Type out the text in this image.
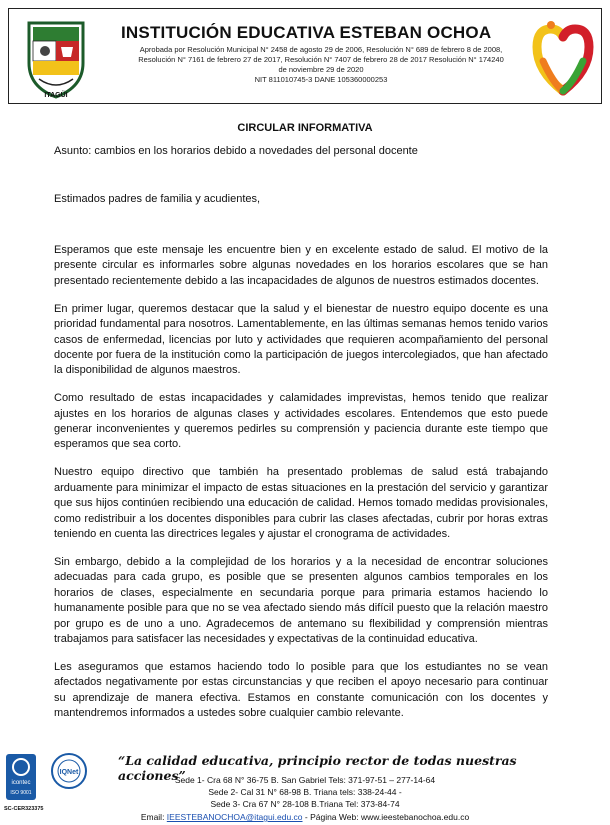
ITAGÜI
INSTITUCIÓN EDUCATIVA ESTEBAN OCHOA

Aprobada por Resolución Municipal N° 2458 de agosto 29 de 2006, Resolución N° 689 de febrero 8 de 2008,

Resolución N° 7161 de febrero 27 de 2017, Resolución N° 7407 de febrero 28 de 2017 Resolución N° 174240

de noviembre 29 de 2020

NIT 811010745-3 DANE 105360000253

CIRCULAR INFORMATIVA
Asunto: cambios en los horarios debido a novedades del personal docente
Estimados padres de familia y acudientes,

Esperamos que este mensaje les encuentre bien y en excelente estado de salud. El motivo de la presente circular es informarles sobre algunas novedades en los horarios escolares que se han presentado recientemente debido a las incapacidades de algunos de nuestros estimados docentes.

En primer lugar, queremos destacar que la salud y el bienestar de nuestro equipo docente es una prioridad fundamental para nosotros. Lamentablemente, en las últimas semanas hemos tenido varios casos de enfermedad, licencias por luto y actividades que requieren acompañamiento del personal docente por fuera de la institución como la participación de juegos intercolegiados, que han afectado la disponibilidad de algunos maestros.

Como resultado de estas incapacidades y calamidades imprevistas, hemos tenido que realizar ajustes en los horarios de algunas clases y actividades escolares. Entendemos que esto puede generar inconvenientes y queremos pedirles su comprensión y paciencia durante este tiempo que esperamos que sea corto.

Nuestro equipo directivo que también ha presentado problemas de salud está trabajando arduamente para minimizar el impacto de estas situaciones en la prestación del servicio y garantizar que sus hijos continúen recibiendo una educación de calidad. Hemos tomado medidas provisionales, como redistribuir a los docentes disponibles para cubrir las clases afectadas, cubrir por horas extras teniendo en cuenta las directrices legales y ajustar el cronograma de actividades.

Sin embargo, debido a la complejidad de los horarios y a la necesidad de encontrar soluciones adecuadas para cada grupo, es posible que se presenten algunos cambios temporales en los horarios de clases, especialmente en secundaria porque para primaria estamos haciendo lo humanamente posible para que no se vea afectado siendo más difícil puesto que la relación maestro por grupo es de uno a uno. Agradecemos de antemano su flexibilidad y comprensión mientras trabajamos para satisfacer las necesidades y expectativas de la continuidad educativa.

Les aseguramos que estamos haciendo todo lo posible para que los estudiantes no se vean afectados negativamente por estas circunstancias y que reciben el apoyo necesario para continuar su aprendizaje de manera efectiva. Estamos en constante comunicación con los docentes y mantendremos informados a ustedes sobre cualquier cambio relevante.

icontec
ISO 9001
IQNet
SC-CER323375
“La calidad educativa, principio rector de todas nuestras acciones”
Sede 1- Cra 68 N° 36-75 B. San Gabriel Tels: 371-97-51 – 277-14-64
Sede 2- Cal 31 N° 68-98 B. Triana tels: 338-24-44 -
Sede 3- Cra 67 N° 28-108 B.Triana Tel: 373-84-74
Email: IEESTEBANOCHOA@itagui.edu.co - Página Web: www.ieestebanochoa.edu.co
